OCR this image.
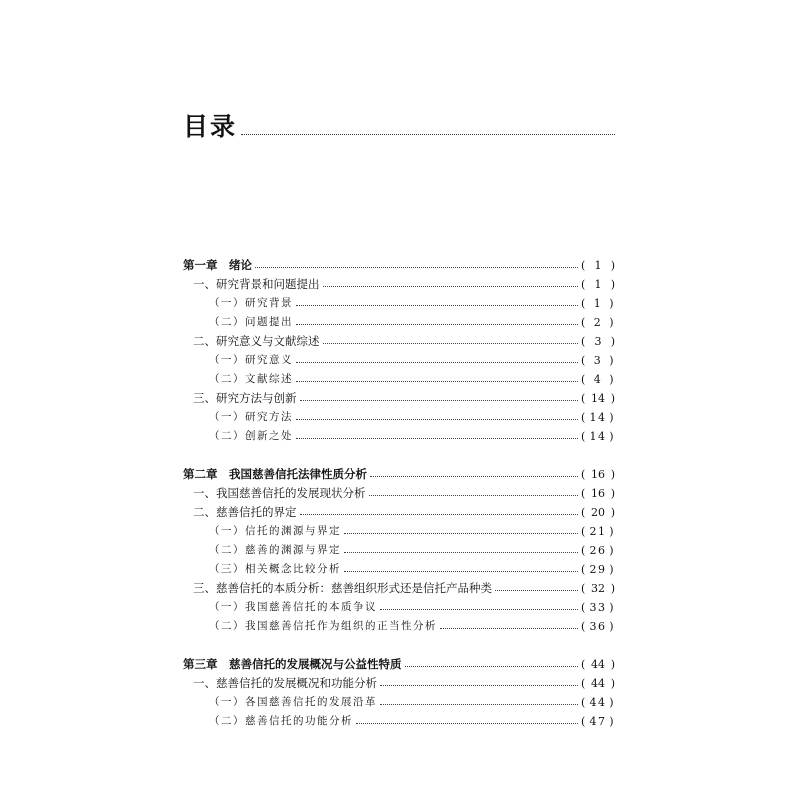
目录
第一章　绪论	( 1 )
一、研究背景和问题提出	( 1 )
（一）研究背景	( 1 )
（二）问题提出	( 2 )
二、研究意义与文献综述	( 3 )
（一）研究意义	( 3 )
（二）文献综述	( 4 )
三、研究方法与创新	( 14 )
（一）研究方法	( 14 )
（二）创新之处	( 14 )
第二章　我国慈善信托法律性质分析	( 16 )
一、我国慈善信托的发展现状分析	( 16 )
二、慈善信托的界定	( 20 )
（一）信托的渊源与界定	( 21 )
（二）慈善的渊源与界定	( 26 )
（三）相关概念比较分析	( 29 )
三、慈善信托的本质分析：慈善组织形式还是信托产品种类	( 32 )
（一）我国慈善信托的本质争议	( 33 )
（二）我国慈善信托作为组织的正当性分析	( 36 )
第三章　慈善信托的发展概况与公益性特质	( 44 )
一、慈善信托的发展概况和功能分析	( 44 )
（一）各国慈善信托的发展沿革	( 44 )
（二）慈善信托的功能分析	( 47 )
